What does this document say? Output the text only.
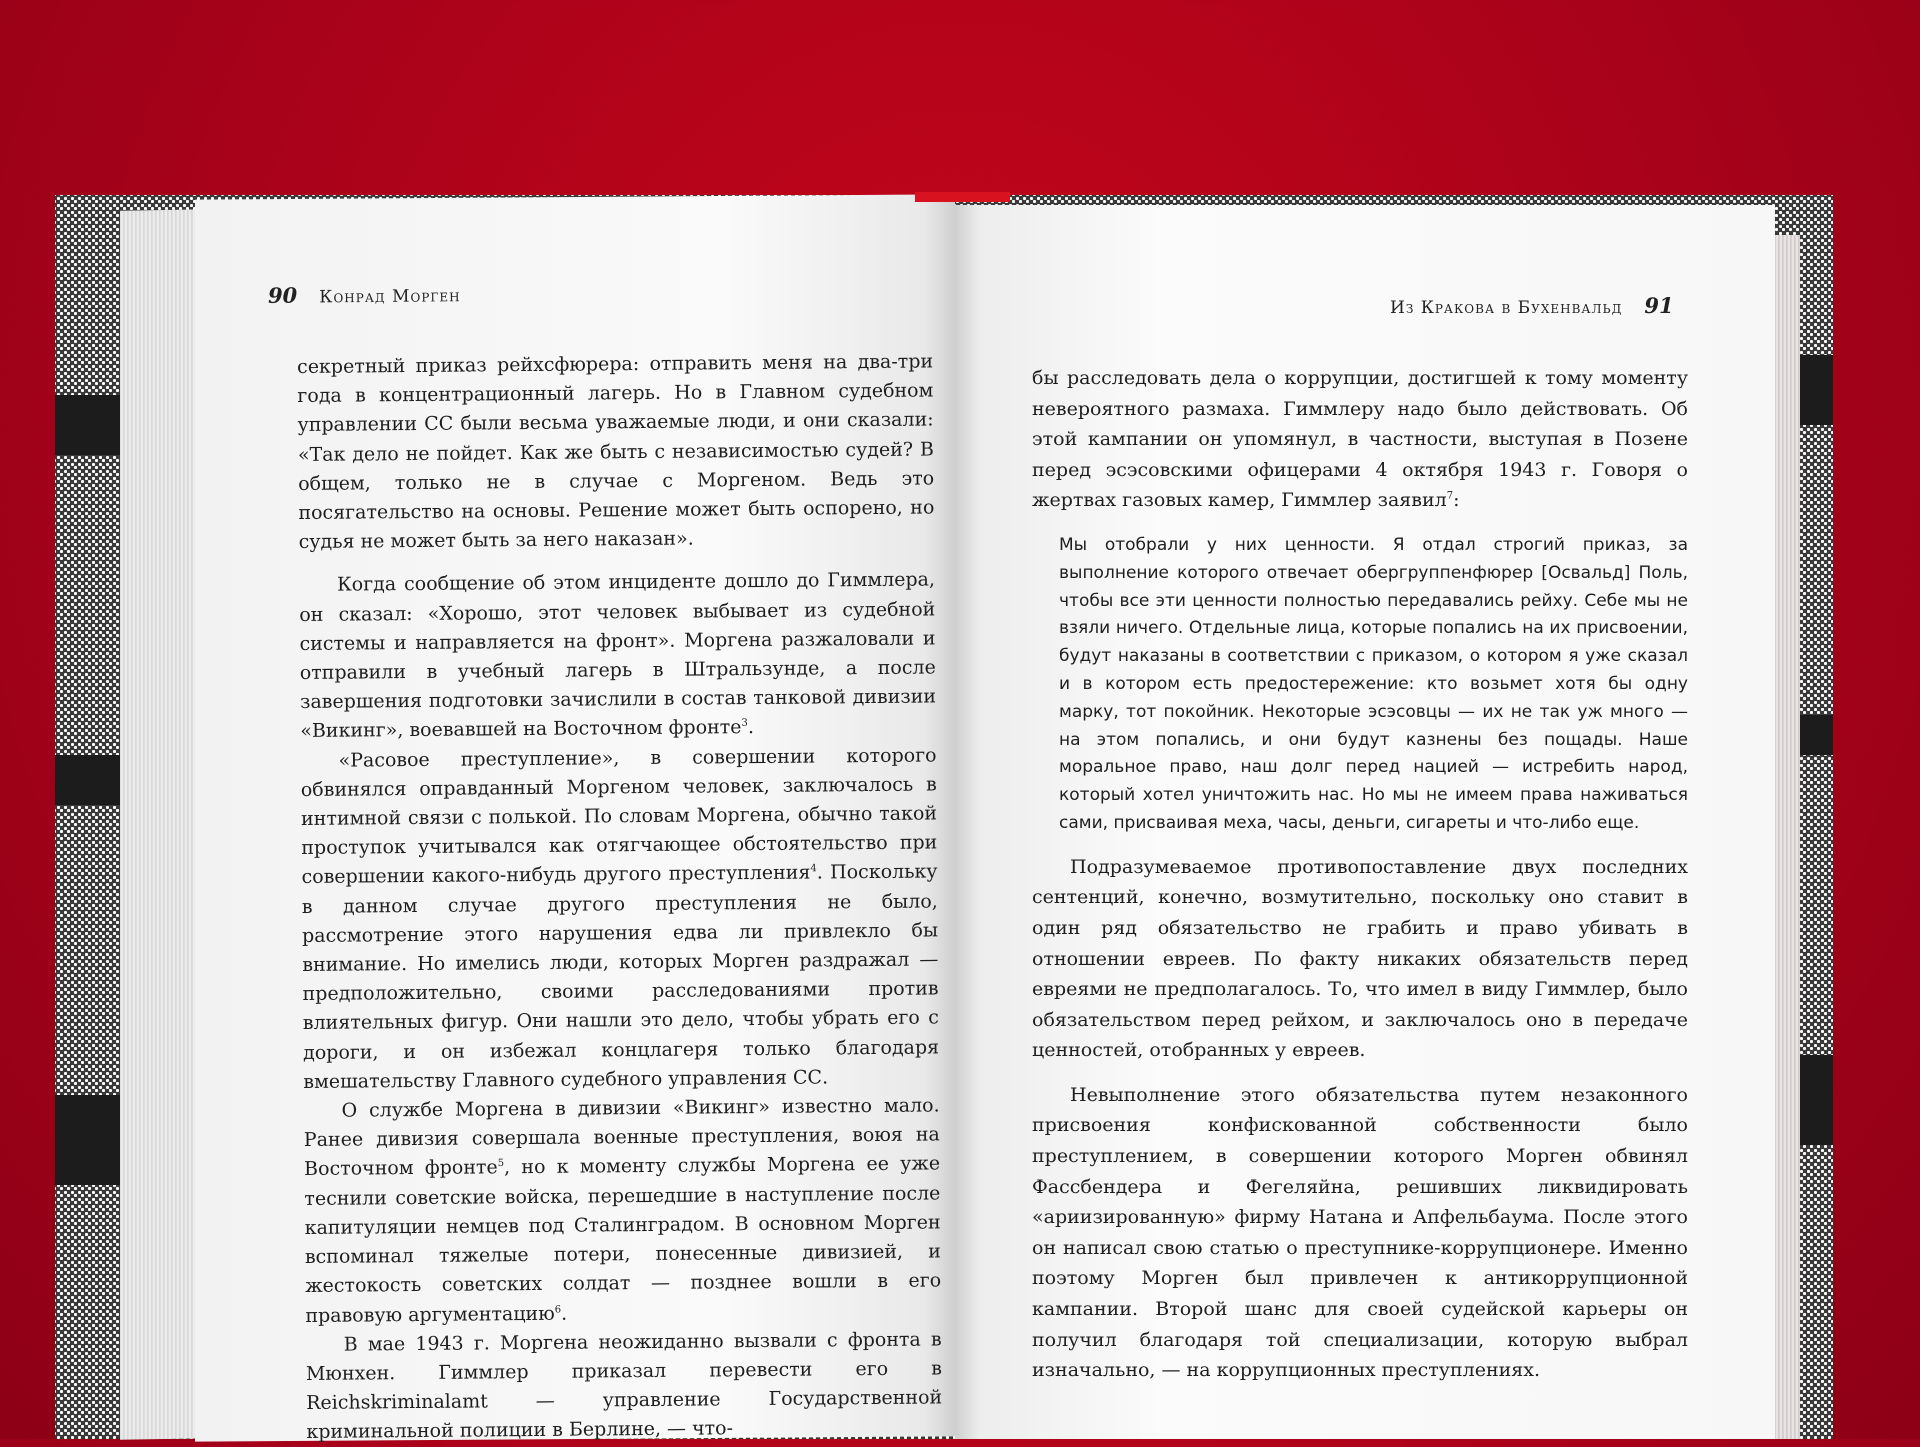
90 Конрад Морген
Из Кракова в Бухенвальд 91

секретный приказ рейхсфюрера: отправить меня на два-три года в концентрационный лагерь. Но в Главном судебном управлении СС были весьма уважаемые люди, и они сказали: «Так дело не пойдет. Как же быть с независимостью судей? В общем, только не в случае с Моргеном. Ведь это посягательство на основы. Решение может быть оспорено, но судья не может быть за него наказан».

Когда сообщение об этом инциденте дошло до Гиммлера, он сказал: «Хорошо, этот человек выбывает из судебной системы и направляется на фронт». Моргена разжаловали и отправили в учебный лагерь в Штральзунде, а после завершения подготовки зачислили в состав танковой дивизии «Викинг», воевавшей на Восточном фронте$^3$.

«Расовое преступление», в совершении которого обвинялся оправданный Моргеном человек, заключалось в интимной связи с полькой. По словам Моргена, обычно такой проступок учитывался как отягчающее обстоятельство при совершении какого-нибудь другого преступления$^4$. Поскольку в данном случае другого преступления не было, рассмотрение этого нарушения едва ли привлекло бы внимание. Но имелись люди, которых Морген раздражал — предположительно, своими расследованиями против влиятельных фигур. Они нашли это дело, чтобы убрать его с дороги, и он избежал концлагеря только благодаря вмешательству Главного судебного управления СС.

О службе Моргена в дивизии «Викинг» известно мало. Ранее дивизия совершала военные преступления, воюя на Восточном фронте$^5$, но к моменту службы Моргена ее уже теснили советские войска, перешедшие в наступление после капитуляции немцев под Сталинградом. В основном Морген вспоминал тяжелые потери, понесенные дивизией, и жестокость советских солдат — позднее вошли в его правовую аргументацию$^6$.

В мае 1943 г. Моргена неожиданно вызвали с фронта в Мюнхен. Гиммлер приказал перевести его в Reichskriminalamt — управление Государственной криминальной полиции в Берлине, — что-

бы расследовать дела о коррупции, достигшей к тому моменту невероятного размаха. Гиммлеру надо было действовать. Об этой кампании он упомянул, в частности, выступая в Позене перед эсэсовскими офицерами 4 октября 1943 г. Говоря о жертвах газовых камер, Гиммлер заявил$^7$:

Мы отобрали у них ценности. Я отдал строгий приказ, за выполнение которого отвечает обергруппенфюрер [Освальд] Поль, чтобы все эти ценности полностью передавались рейху. Себе мы не взяли ничего. Отдельные лица, которые попались на их присвоении, будут наказаны в соответствии с приказом, о котором я уже сказал и в котором есть предостережение: кто возьмет хотя бы одну марку, тот покойник. Некоторые эсэсовцы — их не так уж много — на этом попались, и они будут казнены без пощады. Наше моральное право, наш долг перед нацией — истребить народ, который хотел уничтожить нас. Но мы не имеем права наживаться сами, присваивая меха, часы, деньги, сигареты и что-либо еще.

Подразумеваемое противопоставление двух последних сентенций, конечно, возмутительно, поскольку оно ставит в один ряд обязательство не грабить и право убивать в отношении евреев. По факту никаких обязательств перед евреями не предполагалось. То, что имел в виду Гиммлер, было обязательством перед рейхом, и заключалось оно в передаче ценностей, отобранных у евреев.

Невыполнение этого обязательства путем незаконного присвоения конфискованной собственности было преступлением, в совершении которого Морген обвинял Фассбендера и Фегеляйна, решивших ликвидировать «ариизированную» фирму Натана и Апфельбаума. После этого он написал свою статью о преступнике-коррупционере. Именно поэтому Морген был привлечен к антикоррупционной кампании. Второй шанс для своей судейской карьеры он получил благодаря той специализации, которую выбрал изначально, — на коррупционных преступлениях.
